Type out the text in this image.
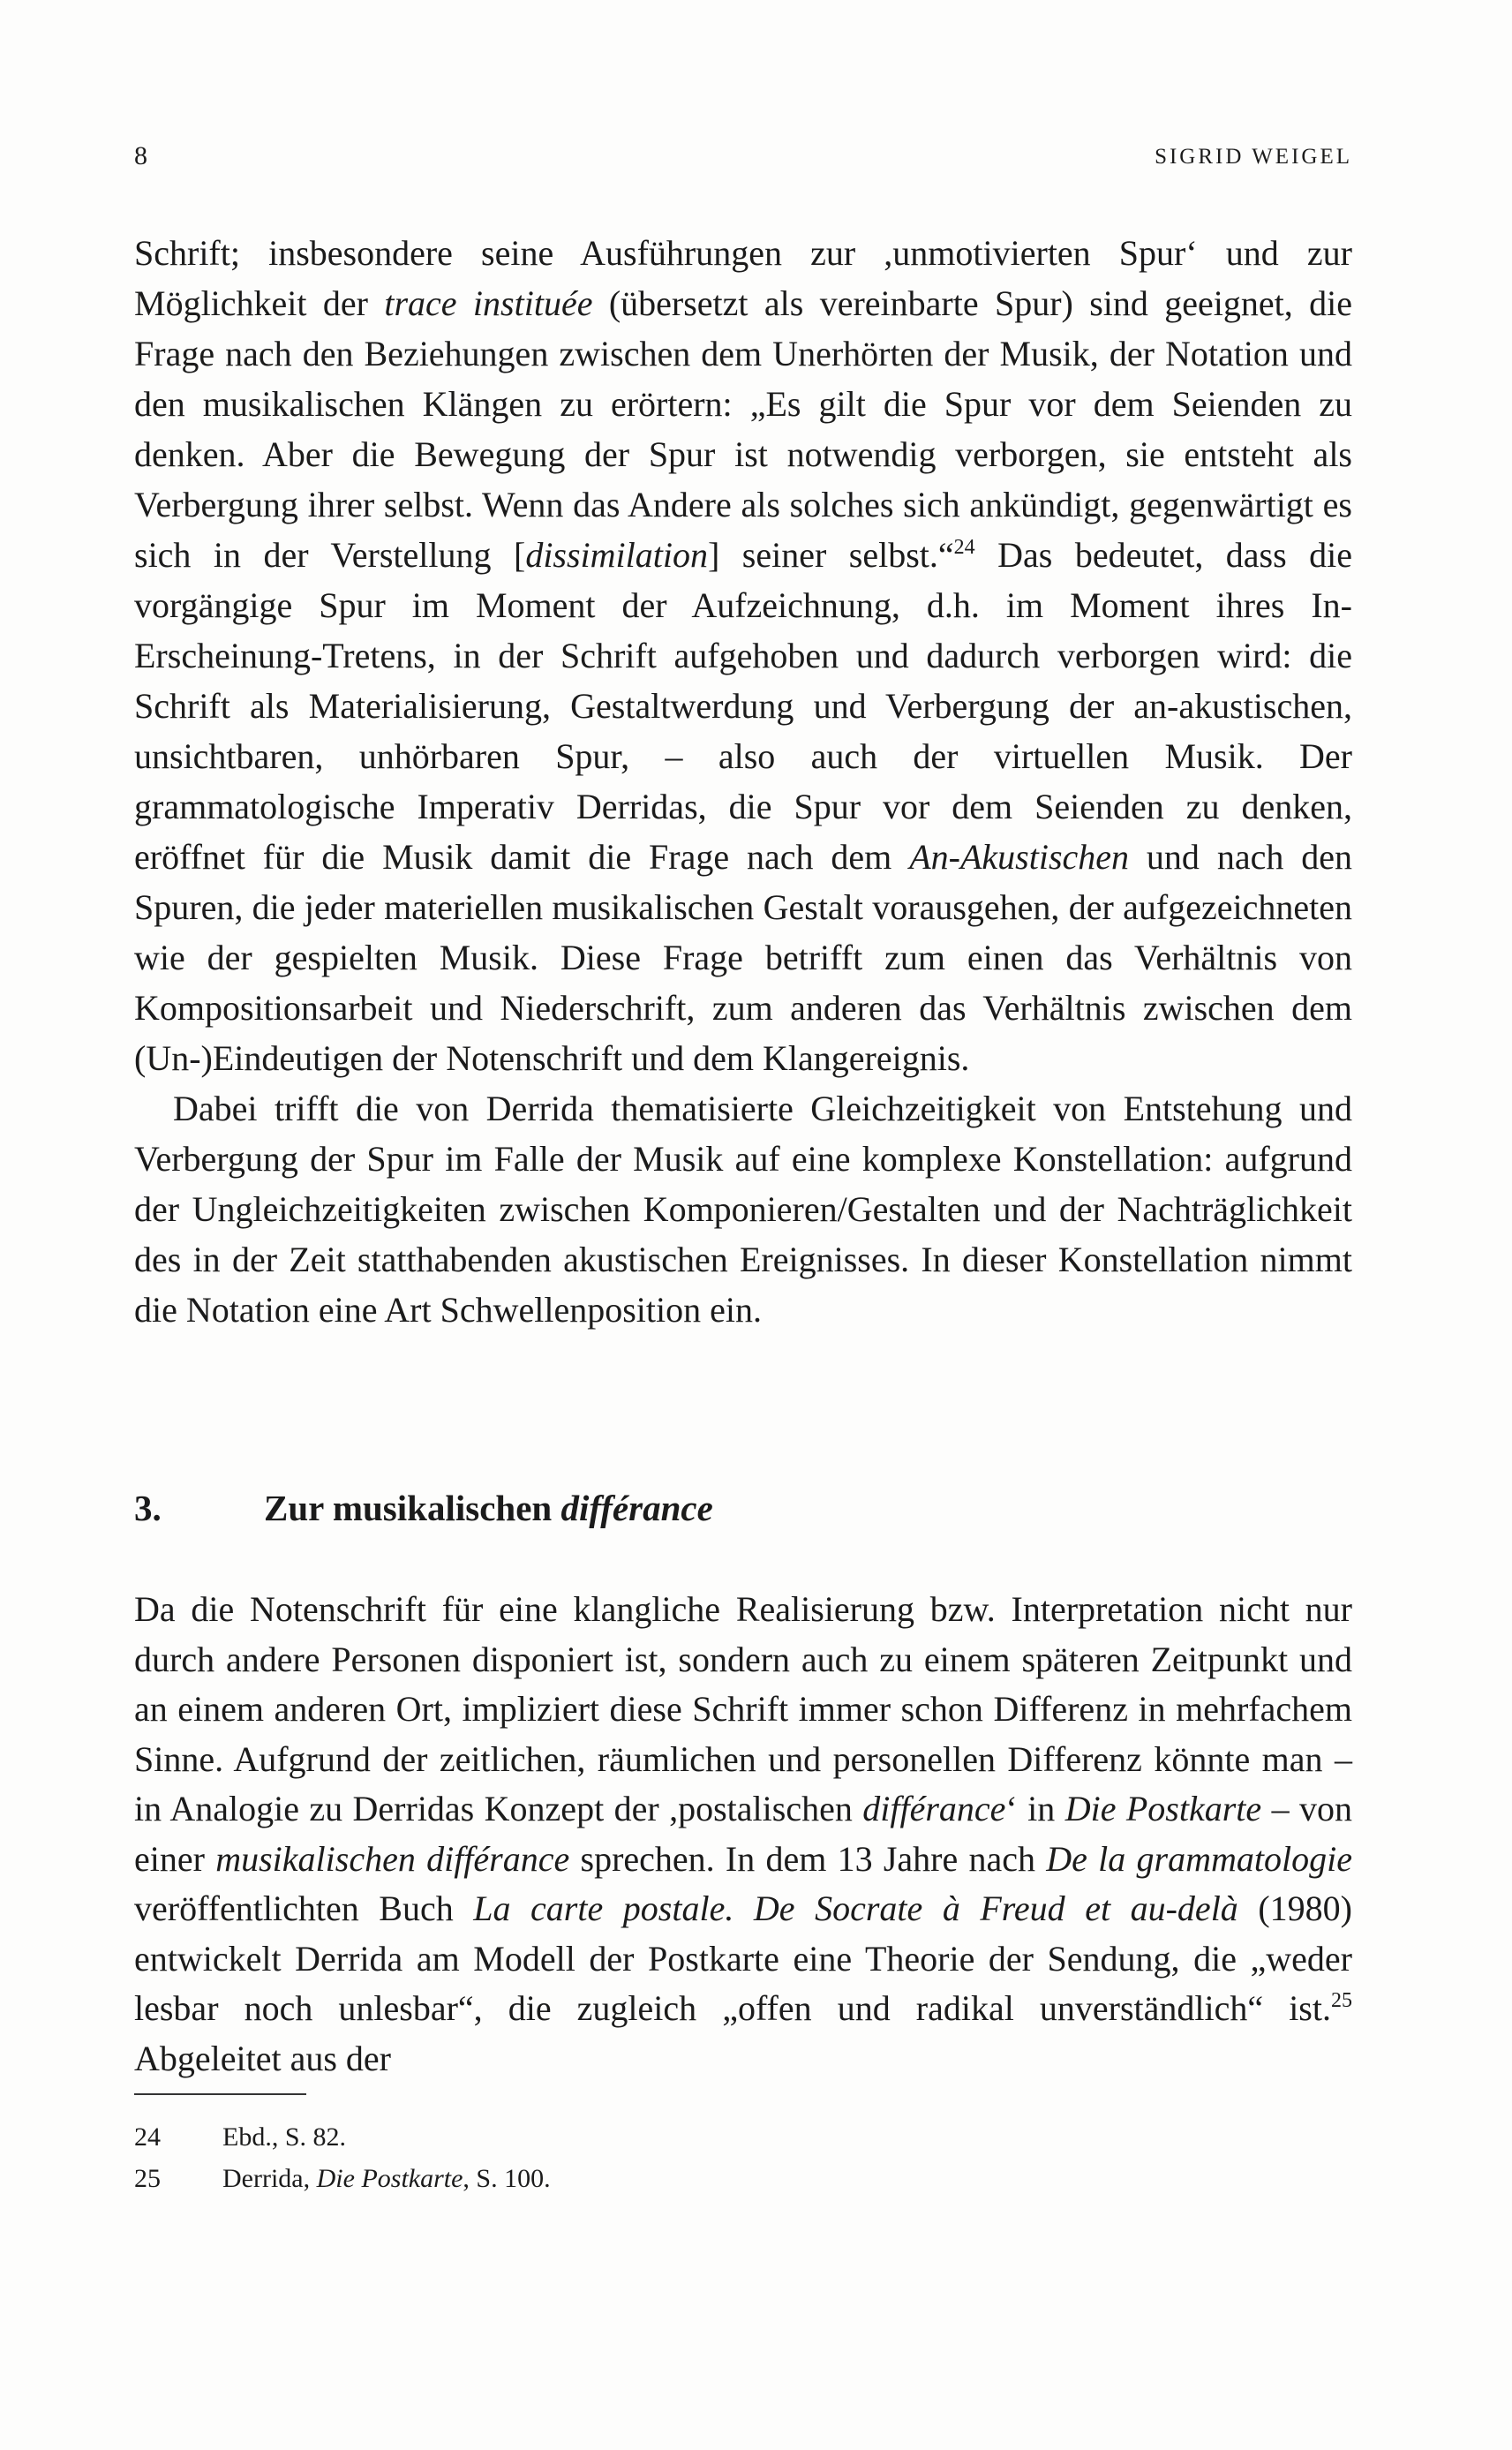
8	SIGRID WEIGEL

Schrift; insbesondere seine Ausführungen zur ,unmotivierten Spur‘ und zur Möglichkeit der trace instituée (übersetzt als vereinbarte Spur) sind geeignet, die Frage nach den Beziehungen zwischen dem Unerhörten der Musik, der Notation und den musikalischen Klängen zu erörtern: „Es gilt die Spur vor dem Seienden zu denken. Aber die Bewegung der Spur ist notwendig verborgen, sie entsteht als Verbergung ihrer selbst. Wenn das Andere als solches sich ankündigt, gegenwärtigt es sich in der Verstellung [dissimilation] seiner selbst.“$^{24}$ Das bedeutet, dass die vorgängige Spur im Moment der Aufzeichnung, d.h. im Moment ihres In-Erscheinung-Tretens, in der Schrift aufgehoben und dadurch verborgen wird: die Schrift als Materialisierung, Gestaltwerdung und Verbergung der an-akustischen, unsichtbaren, unhörbaren Spur, – also auch der virtuellen Musik. Der grammatologische Imperativ Derridas, die Spur vor dem Seienden zu denken, eröffnet für die Musik damit die Frage nach dem An-Akustischen und nach den Spuren, die jeder materiellen musikalischen Gestalt vorausgehen, der aufgezeichneten wie der gespielten Musik. Diese Frage betrifft zum einen das Verhältnis von Kompositionsarbeit und Niederschrift, zum anderen das Verhältnis zwischen dem (Un-)Eindeutigen der Notenschrift und dem Klangereignis.

Dabei trifft die von Derrida thematisierte Gleichzeitigkeit von Entstehung und Verbergung der Spur im Falle der Musik auf eine komplexe Konstellation: aufgrund der Ungleichzeitigkeiten zwischen Komponieren/Gestalten und der Nachträglichkeit des in der Zeit statthabenden akustischen Ereignisses. In dieser Konstellation nimmt die Notation eine Art Schwellenposition ein.

3.	Zur musikalischen différance

Da die Notenschrift für eine klangliche Realisierung bzw. Interpretation nicht nur durch andere Personen disponiert ist, sondern auch zu einem späteren Zeitpunkt und an einem anderen Ort, impliziert diese Schrift immer schon Differenz in mehrfachem Sinne. Aufgrund der zeitlichen, räumlichen und personellen Differenz könnte man – in Analogie zu Derridas Konzept der ,postalischen différance‘ in Die Postkarte – von einer musikalischen différance sprechen. In dem 13 Jahre nach De la grammatologie veröffentlichten Buch La carte postale. De Socrate à Freud et au-delà (1980) entwickelt Derrida am Modell der Postkarte eine Theorie der Sendung, die „weder lesbar noch unlesbar“, die zugleich „offen und radikal unverständlich“ ist.$^{25}$ Abgeleitet aus der

24 Ebd., S. 82.
25 Derrida, Die Postkarte, S. 100.
